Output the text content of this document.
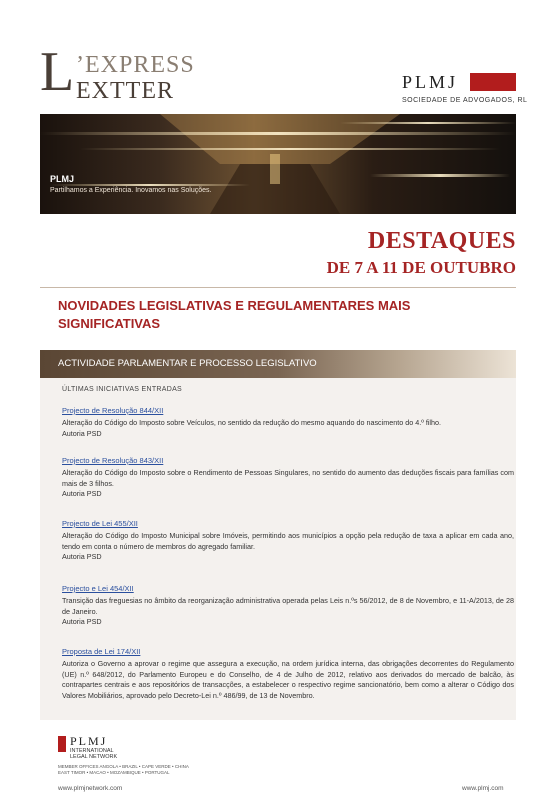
L ’EXPRESS
EXTTER	PLMJ
SOCIEDADE DE ADVOGADOS, RL
PLMJ
Partilhamos a Experiência. Inovamos nas Soluções.
DESTAQUES
DE 7 A 11 DE OUTUBRO
NOVIDADES LEGISLATIVAS E REGULAMENTARES MAIS SIGNIFICATIVAS
ACTIVIDADE PARLAMENTAR E PROCESSO LEGISLATIVO
ÚLTIMAS INICIATIVAS ENTRADAS
Projecto de Resolução 844/XII

Alteração do Código do Imposto sobre Veículos, no sentido da redução do mesmo aquando do nascimento do 4.º filho.

Autoria PSD
Projecto de Resolução 843/XII

Alteração do Código do Imposto sobre o Rendimento de Pessoas Singulares, no sentido do aumento das deduções fiscais para famílias com mais de 3 filhos.

Autoria PSD
Projecto de Lei 455/XII

Alteração do Código do Imposto Municipal sobre Imóveis, permitindo aos municípios a opção pela redução de taxa a aplicar em cada ano, tendo em conta o número de membros do agregado familiar.

Autoria PSD
Projecto e Lei 454/XII

Transição das freguesias no âmbito da reorganização administrativa operada pelas Leis n.ºs 56/2012, de 8 de Novembro, e 11-A/2013, de 28 de Janeiro.

Autoria PSD
Proposta de Lei 174/XII

Autoriza o Governo a aprovar o regime que assegura a execução, na ordem jurídica interna, das obrigações decorrentes do Regulamento (UE) n.º 648/2012, do Parlamento Europeu e do Conselho, de 4 de Julho de 2012, relativo aos derivados do mercado de balcão, às contrapartes centrais e aos repositórios de transacções, a estabelecer o respectivo regime sancionatório, bem como a alterar o Código dos Valores Mobiliários, aprovado pelo Decreto-Lei n.º 486/99, de 13 de Novembro.

PLMJ
INTERNATIONAL
LEGAL NETWORK
MEMBER OFFICES ANGOLA • BRAZIL • CAPE VERDE • CHINA
EAST TIMOR • MACAO • MOZAMBIQUE • PORTUGAL
www.plmjnetwork.com	www.plmj.com
